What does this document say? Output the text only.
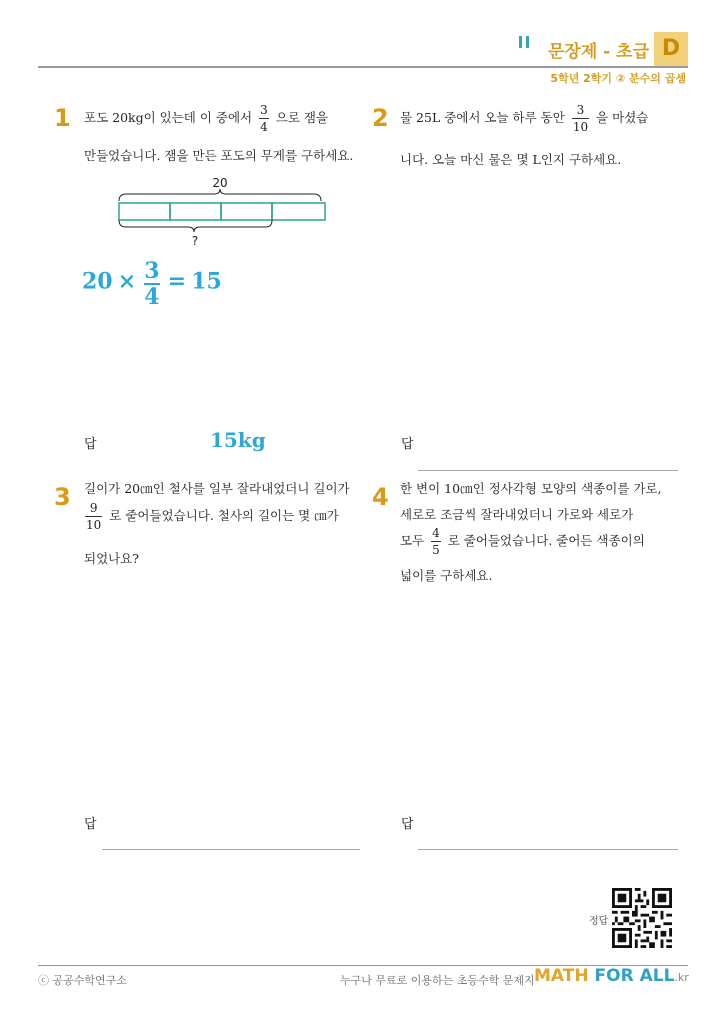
문장제 - 초급 D
5학년 2학기 ② 분수의 곱셈
1 포도 20kg이 있는데 이 중에서 $\frac{3}{4}$ 으로 잼을
만들었습니다. 잼을 만든 포도의 무게를 구하세요.
20
?
$20 \times \frac{3}{4} = 15$
답	15kg
2 물 25L 중에서 오늘 하루 동안 $\frac{3}{10}$ 을 마셨습
니다. 오늘 마신 물은 몇 L인지 구하세요.
답
3 길이가 20㎝인 철사를 일부 잘라내었더니 길이가
$\frac{9}{10}$ 로 줄어들었습니다. 철사의 길이는 몇 ㎝가
되었나요?
답
4 한 변이 10㎝인 정사각형 모양의 색종이를 가로,
세로로 조금씩 잘라내었더니 가로와 세로가
모두 $\frac{4}{5}$ 로 줄어들었습니다. 줄어든 색종이의
넓이를 구하세요.
답
정답
ⓒ 공공수학연구소	누구나 무료로 이용하는 초등수학 문제지 MATH FOR ALL.kr
